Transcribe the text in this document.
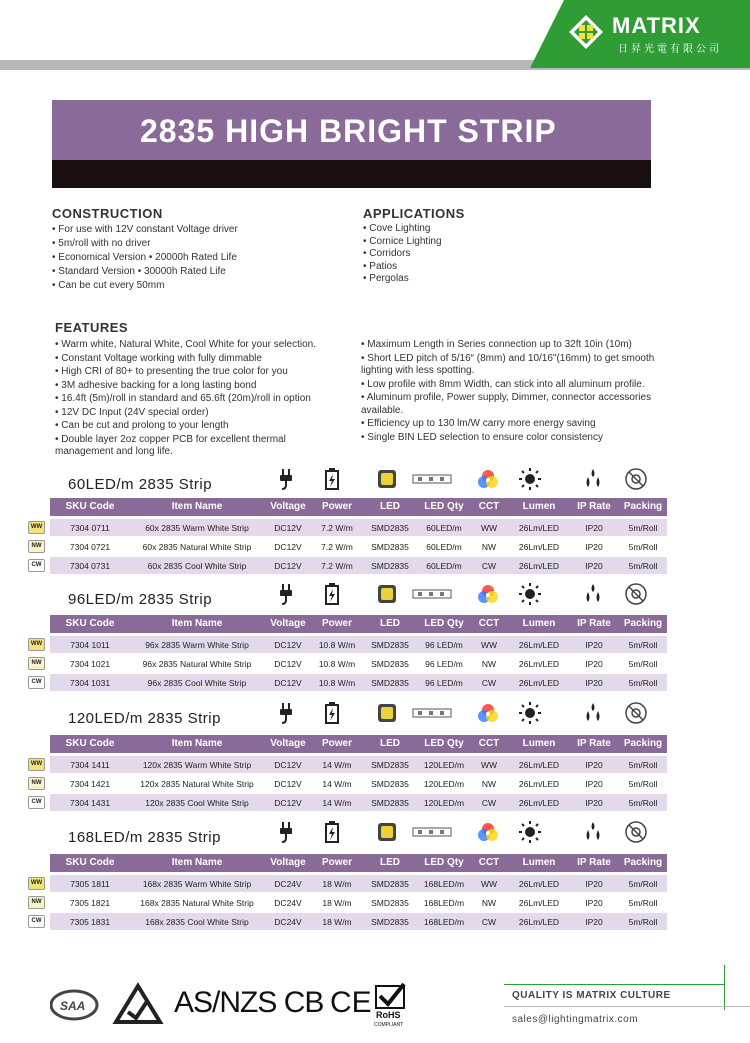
MATRIX
日昇光電有限公司
2835 HIGH BRIGHT STRIP
CONSTRUCTION
• For use with 12V constant Voltage driver
• 5m/roll with no driver
• Economical Version • 20000h Rated Life
• Standard Version • 30000h Rated Life
• Can be cut every 50mm
APPLICATIONS
• Cove Lighting
• Cornice Lighting
• Corridors
• Patios
• Pergolas
FEATURES
• Warm white, Natural White, Cool White for your selection.
• Constant Voltage working with fully dimmable
• High CRI of 80+ to presenting the true color for you
• 3M adhesive backing for a long lasting bond
• 16.4ft (5m)/roll in standard and 65.6ft (20m)/roll in option
• 12V DC Input (24V special order)
• Can be cut and prolong to your length
• Double layer 2oz copper PCB for excellent thermal management and long life.
• Maximum Length in Series connection up to 32ft 10in (10m)
• Short LED pitch of 5/16“ (8mm) and 10/16"(16mm) to get smooth lighting with less spotting.
• Low profile with 8mm Width, can stick into all aluminum profile.
• Aluminum profile, Power supply, Dimmer, connector accessories available.
• Efficiency up to 130 lm/W carry more energy saving
• Single BIN LED selection to ensure color consistency
60LED/m 2835 Strip
SKU Code	Item Name	Voltage	Power	LED	LED Qty	CCT	Lumen	IP Rate	Packing
WW	7304 0711	60x 2835 Warm White Strip	DC12V	7.2 W/m	SMD2835	60LED/m	WW	26Lm/LED	IP20	5m/Roll
NW	7304 0721	60x 2835 Natural White Strip	DC12V	7.2 W/m	SMD2835	60LED/m	NW	26Lm/LED	IP20	5m/Roll
CW	7304 0731	60x 2835 Cool White Strip	DC12V	7.2 W/m	SMD2835	60LED/m	CW	26Lm/LED	IP20	5m/Roll
96LED/m 2835 Strip
SKU Code	Item Name	Voltage	Power	LED	LED Qty	CCT	Lumen	IP Rate	Packing
WW	7304 1011	96x 2835 Warm White Strip	DC12V	10.8 W/m	SMD2835	96 LED/m	WW	26Lm/LED	IP20	5m/Roll
NW	7304 1021	96x 2835 Natural White Strip	DC12V	10.8 W/m	SMD2835	96 LED/m	NW	26Lm/LED	IP20	5m/Roll
CW	7304 1031	96x 2835 Cool White Strip	DC12V	10.8 W/m	SMD2835	96 LED/m	CW	26Lm/LED	IP20	5m/Roll
120LED/m 2835 Strip
SKU Code	Item Name	Voltage	Power	LED	LED Qty	CCT	Lumen	IP Rate	Packing
WW	7304 1411	120x 2835 Warm White Strip	DC12V	14 W/m	SMD2835	120LED/m	WW	26Lm/LED	IP20	5m/Roll
NW	7304 1421	120x 2835 Natural White Strip	DC12V	14 W/m	SMD2835	120LED/m	NW	26Lm/LED	IP20	5m/Roll
CW	7304 1431	120x 2835 Cool White Strip	DC12V	14 W/m	SMD2835	120LED/m	CW	26Lm/LED	IP20	5m/Roll
168LED/m 2835 Strip
SKU Code	Item Name	Voltage	Power	LED	LED Qty	CCT	Lumen	IP Rate	Packing
WW	7305 1811	168x 2835 Warm White Strip	DC24V	18 W/m	SMD2835	168LED/m	WW	26Lm/LED	IP20	5m/Roll
NW	7305 1821	168x 2835 Natural White Strip	DC24V	18 W/m	SMD2835	168LED/m	NW	26Lm/LED	IP20	5m/Roll
CW	7305 1831	168x 2835 Cool White Strip	DC24V	18 W/m	SMD2835	168LED/m	CW	26Lm/LED	IP20	5m/Roll
SAA
RoHS
COMPLIANT
AS/NZS CB CE	QUALITY IS MATRIX CULTURE
sales@lightingmatrix.com
